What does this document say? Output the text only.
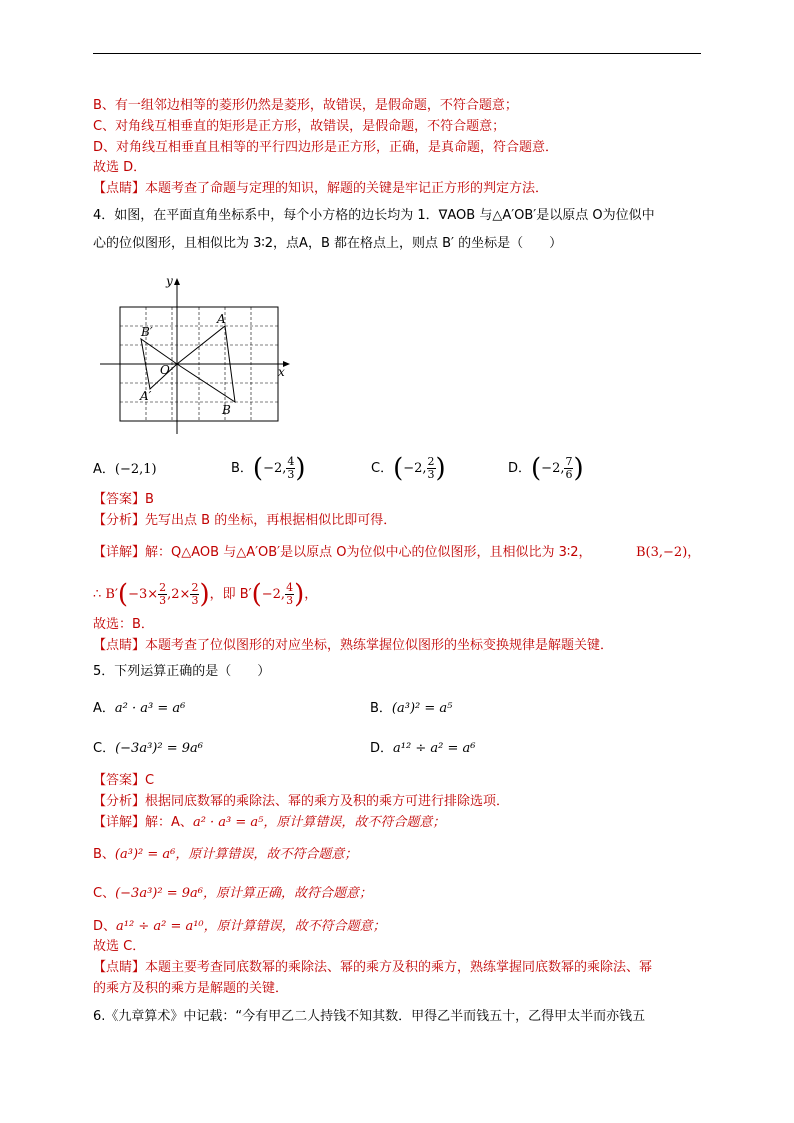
B、有一组邻边相等的菱形仍然是菱形，故错误，是假命题，不符合题意；
C、对角线互相垂直的矩形是正方形，故错误，是假命题，不符合题意；
D、对角线互相垂直且相等的平行四边形是正方形，正确，是真命题，符合题意．
故选 D．
【点睛】本题考查了命题与定理的知识，解题的关键是牢记正方形的判定方法．
4．如图，在平面直角坐标系中，每个小方格的边长均为 1．∇AOB 与△A′OB′是以原点 O为位似中
心的位似图形，且相似比为 3∶2，点A，B 都在格点上，则点 B′ 的坐标是（　　）
y
x
O
A
B
A′
B′
A．(−2,1)	B．(−2, $\frac{4}{3}$ )	C．(−2, $\frac{2}{3}$ )	D．(−2, $\frac{7}{6}$ )
【答案】B
【分析】先写出点 B 的坐标，再根据相似比即可得．
【详解】解：Q△AOB 与△A′OB′是以原点 O为位似中心的位似图形，且相似比为 3∶2，	B(3,−2)，
∴ $B'(-3\times \frac{2}{3} ,2\times \frac{2}{3}$ )，即 B′(−2, $\frac{4}{3}$ )，
故选：B．
【点睛】本题考查了位似图形的对应坐标，熟练掌握位似图形的坐标变换规律是解题关键．
5．下列运算正确的是（　　）
A．a² · a³ = a⁶	B．(a³)² = a⁵
C．(−3a³)² = 9a⁶	D．a¹² ÷ a² = a⁶
【答案】C
【分析】根据同底数幂的乘除法、幂的乘方及积的乘方可进行排除选项．
【详解】解：A、a² · a³ = a⁵，原计算错误，故不符合题意；
B、(a³)² = a⁶，原计算错误，故不符合题意；
C、(−3a³)² = 9a⁶，原计算正确，故符合题意；
D、a¹² ÷ a² = a¹⁰，原计算错误，故不符合题意；
故选 C．
【点睛】本题主要考查同底数幂的乘除法、幂的乘方及积的乘方，熟练掌握同底数幂的乘除法、幂
的乘方及积的乘方是解题的关键．
6.《九章算术》中记载：“今有甲乙二人持钱不知其数．甲得乙半而钱五十，乙得甲太半而亦钱五
